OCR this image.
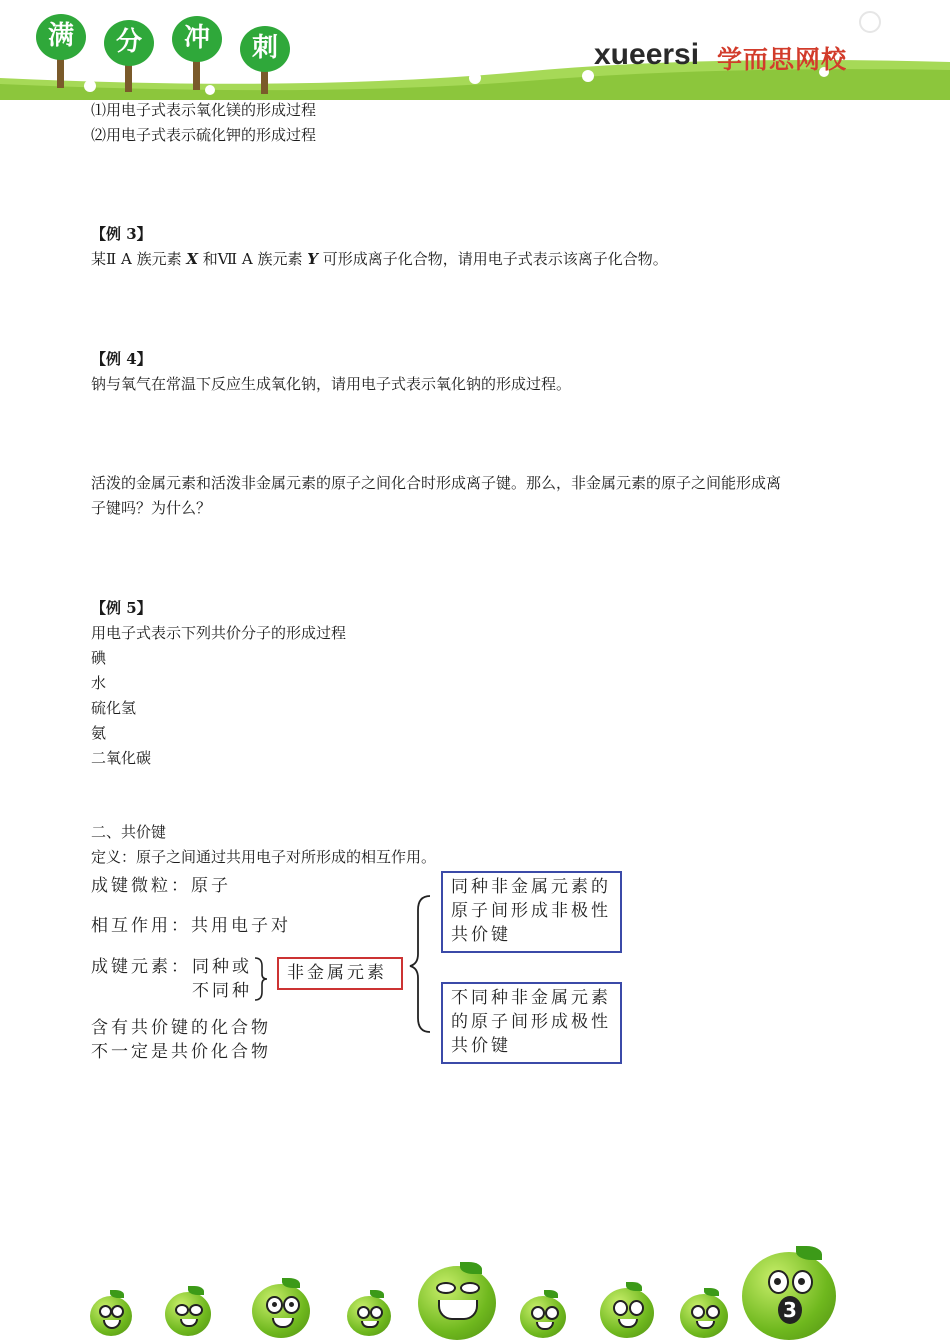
满	分	冲	刺	xueersi 学而思网校
⑴用电子式表示氧化镁的形成过程
⑵用电子式表示硫化钾的形成过程
【例 3】
某Ⅱ A 族元素 X 和Ⅶ A 族元素 Y 可形成离子化合物，请用电子式表示该离子化合物。
【例 4】
钠与氧气在常温下反应生成氧化钠，请用电子式表示氧化钠的形成过程。
活泼的金属元素和活泼非金属元素的原子之间化合时形成离子键。那么，非金属元素的原子之间能形成离
子键吗？为什么？
【例 5】
用电子式表示下列共价分子的形成过程
碘
水
硫化氢
氨
二氧化碳
二、共价键
定义：原子之间通过共用电子对所形成的相互作用。
成键微粒：原子
相互作用：共用电子对
成键元素： 同种或
不同种
非金属元素
含有共价键的化合物
不一定是共价化合物
同种非金属元素的
原子间形成非极性
共价键
不同种非金属元素
的原子间形成极性
共价键
3
